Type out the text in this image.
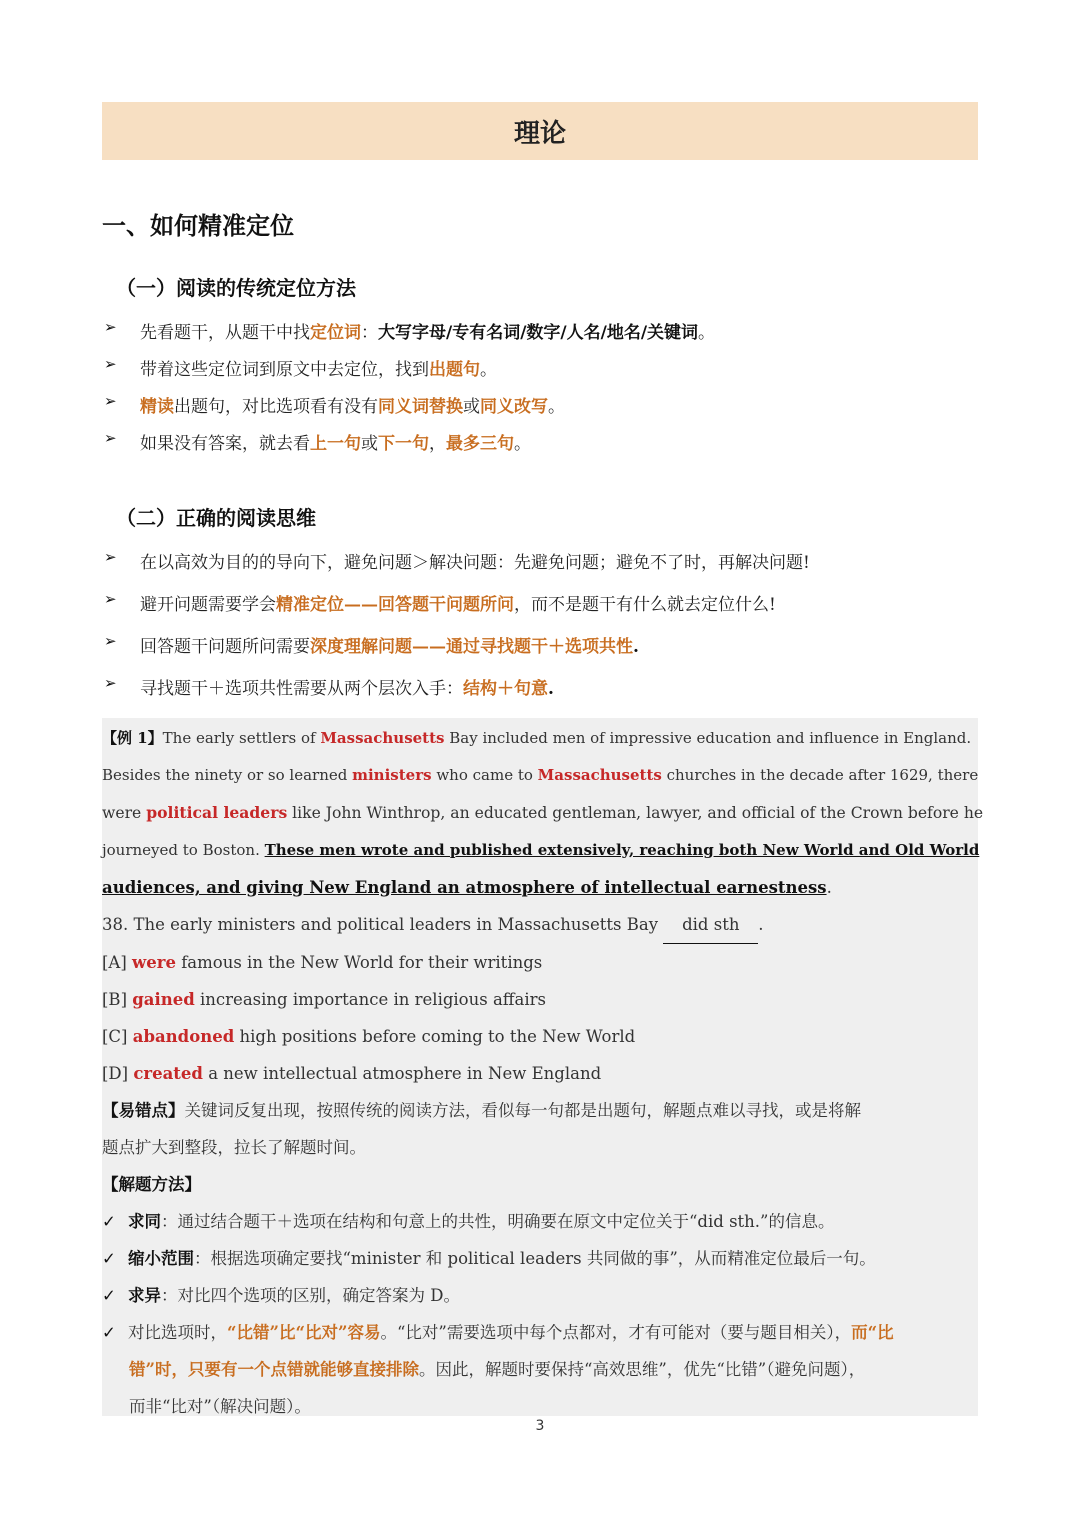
理论
一、如何精准定位
（一）阅读的传统定位方法
➢ 先看题干，从题干中找定位词：大写字母/专有名词/数字/人名/地名/关键词。
➢ 带着这些定位词到原文中去定位，找到出题句。
➢ 精读出题句，对比选项看有没有同义词替换或同义改写。
➢ 如果没有答案，就去看上一句或下一句，最多三句。
（二）正确的阅读思维
➢ 在以高效为目的的导向下，避免问题＞解决问题：先避免问题；避免不了时，再解决问题!
➢ 避开问题需要学会精准定位——回答题干问题所问，而不是题干有什么就去定位什么!
➢ 回答题干问题所问需要深度理解问题——通过寻找题干＋选项共性.
➢ 寻找题干＋选项共性需要从两个层次入手：结构＋句意.
【例 1】The early settlers of Massachusetts Bay included men of impressive education and influence in England.
Besides the ninety or so learned ministers who came to Massachusetts churches in the decade after 1629, there
were political leaders like John Winthrop, an educated gentleman, lawyer, and official of the Crown before he
journeyed to Boston. These men wrote and published extensively, reaching both New World and Old World
audiences, and giving New England an atmosphere of intellectual earnestness.
38. The early ministers and political leaders in Massachusetts Bay did sth .
[A] were famous in the New World for their writings
[B] gained increasing importance in religious affairs
[C] abandoned high positions before coming to the New World
[D] created a new intellectual atmosphere in New England
【易错点】关键词反复出现，按照传统的阅读方法，看似每一句都是出题句，解题点难以寻找，或是将解
题点扩大到整段，拉长了解题时间。
【解题方法】
✓ 求同：通过结合题干＋选项在结构和句意上的共性，明确要在原文中定位关于“did sth.”的信息。
✓ 缩小范围：根据选项确定要找“minister 和 political leaders 共同做的事”，从而精准定位最后一句。
✓ 求异：对比四个选项的区别，确定答案为 D。
✓ 对比选项时，“比错”比“比对”容易。“比对”需要选项中每个点都对，才有可能对（要与题目相关），而“比
错”时，只要有一个点错就能够直接排除。因此，解题时要保持“高效思维”，优先“比错”（避免问题），
而非“比对”（解决问题）。
3
